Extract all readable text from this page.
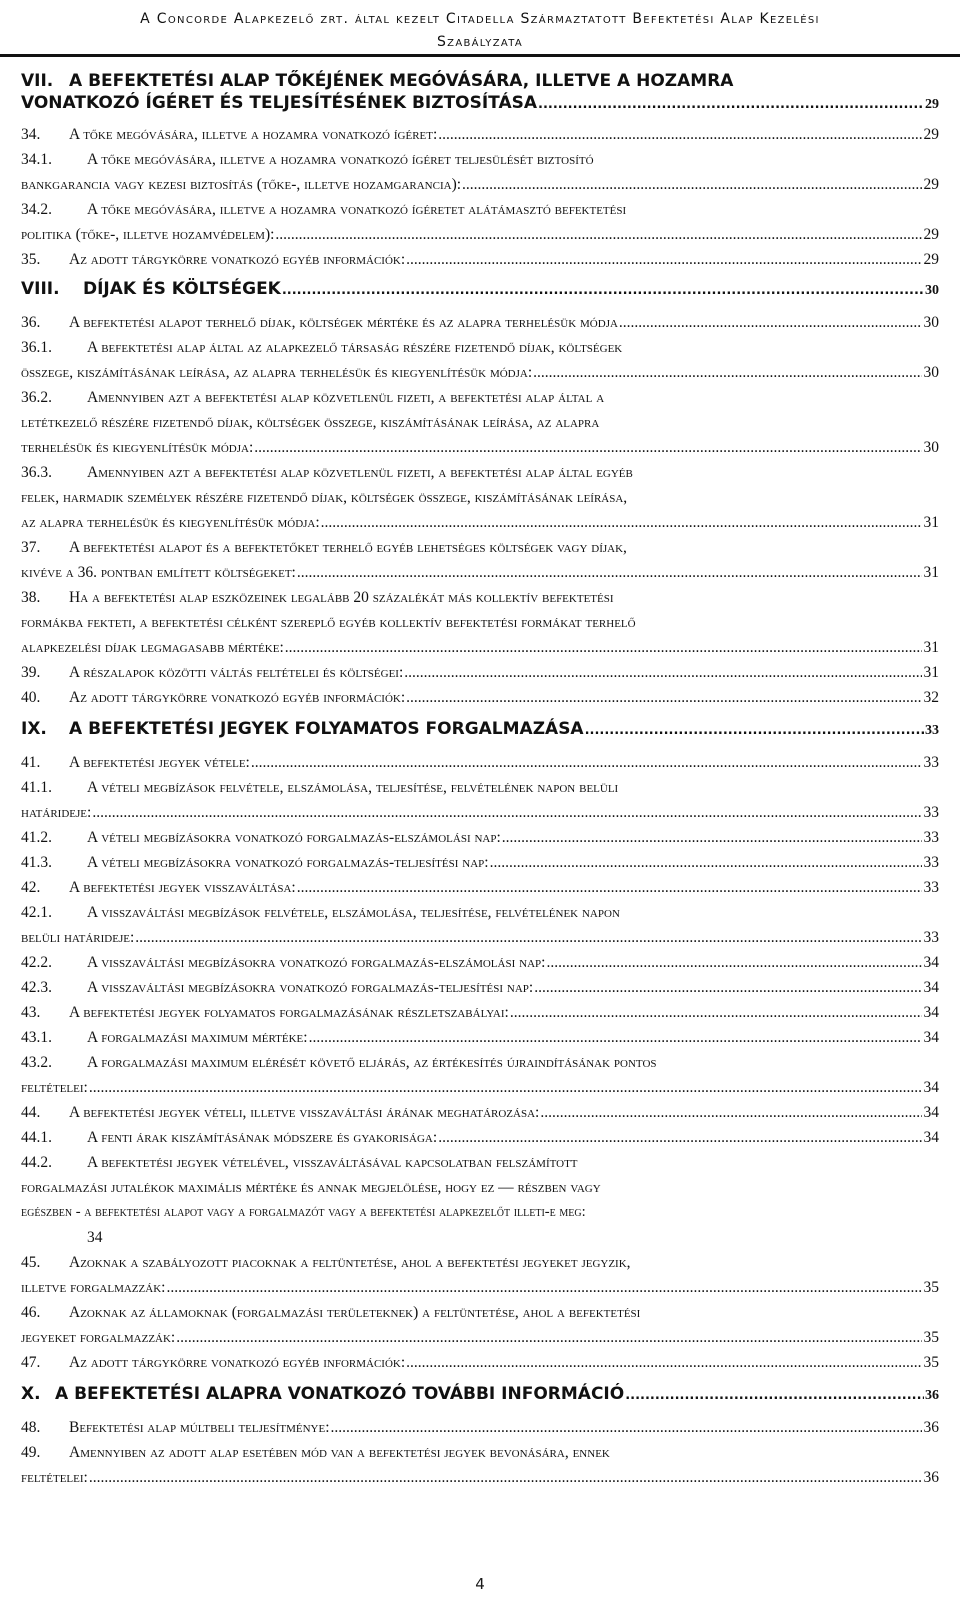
A Concorde Alapkezelő zrt. által kezelt Citadella Származtatott Befektetési Alap Kezelési
Szabályzata
VII. A BEFEKTETÉSI ALAP TŐKÉJÉNEK MEGÓVÁSÁRA, ILLETVE A HOZAMRA
VONATKOZÓ ÍGÉRET ÉS TELJESÍTÉSÉNEK BIZTOSÍTÁSA .....	29
34.	A tőke megóvására, illetve a hozamra vonatkozó ígéret: .....	29
34.1.	A tőke megóvására, illetve a hozamra vonatkozó ígéret teljesülését biztosító
bankgarancia vagy kezesi biztosítás (tőke-, illetve hozamgarancia): .....	29
34.2.	A tőke megóvására, illetve a hozamra vonatkozó ígéretet alátámasztó befektetési
politika (tőke-, illetve hozamvédelem): .....	29
35.	Az adott tárgykörre vonatkozó egyéb információk: .....	29
VIII.	DÍJAK ÉS KÖLTSÉGEK .....	30
36.	A befektetési alapot terhelő díjak, költségek mértéke és az alapra terhelésük módja .....	30
36.1.	A befektetési alap által az alapkezelő társaság részére fizetendő díjak, költségek
összege, kiszámításának leírása, az alapra terhelésük és kiegyenlítésük módja: .....	30
36.2.	Amennyiben azt a befektetési alap közvetlenül fizeti, a befektetési alap által a
letétkezelő részére fizetendő díjak, költségek összege, kiszámításának leírása, az alapra
terhelésük és kiegyenlítésük módja: .....	30
36.3.	Amennyiben azt a befektetési alap közvetlenül fizeti, a befektetési alap által egyéb
felek, harmadik személyek részére fizetendő díjak, költségek összege, kiszámításának leírása,
az alapra terhelésük és kiegyenlítésük módja: .....	31
37.	A befektetési alapot és a befektetőket terhelő egyéb lehetséges költségek vagy díjak,
kivéve a 36. pontban említett költségeket: .....	31
38.	Ha a befektetési alap eszközeinek legalább 20 százalékát más kollektív befektetési
formákba fekteti, a befektetési célként szereplő egyéb kollektív befektetési formákat terhelő
alapkezelési díjak legmagasabb mértéke: .....	31
39.	A részalapok közötti váltás feltételei és költségei: .....	31
40.	Az adott tárgykörre vonatkozó egyéb információk: .....	32
IX.	A BEFEKTETÉSI JEGYEK FOLYAMATOS FORGALMAZÁSA .....	33
41.	A befektetési jegyek vétele: .....	33
41.1.	A vételi megbízások felvétele, elszámolása, teljesítése, felvételének napon belüli
határideje: .....	33
41.2.	A vételi megbízásokra vonatkozó forgalmazás-elszámolási nap: .....	33
41.3.	A vételi megbízásokra vonatkozó forgalmazás-teljesítési nap: .....	33
42.	A befektetési jegyek visszaváltása: .....	33
42.1.	A visszaváltási megbízások felvétele, elszámolása, teljesítése, felvételének napon
belüli határideje: .....	33
42.2.	A visszaváltási megbízásokra vonatkozó forgalmazás-elszámolási nap: .....	34
42.3.	A visszaváltási megbízásokra vonatkozó forgalmazás-teljesítési nap: .....	34
43.	A befektetési jegyek folyamatos forgalmazásának részletszabályai: .....	34
43.1.	A forgalmazási maximum mértéke: .....	34
43.2.	A forgalmazási maximum elérését követő eljárás, az értékesítés újraindításának pontos
feltételei: .....	34
44.	A befektetési jegyek vételi, illetve visszaváltási árának meghatározása: .....	34
44.1.	A fenti árak kiszámításának módszere és gyakorisága: .....	34
44.2.	A befektetési jegyek vételével, visszaváltásával kapcsolatban felszámított
forgalmazási jutalékok maximális mértéke és annak megjelölése, hogy ez — részben vagy
egészben - a befektetési alapot vagy a forgalmazót vagy a befektetési alapkezelőt illeti-e meg:
34
45.	Azoknak a szabályozott piacoknak a feltüntetése, ahol a befektetési jegyeket jegyzik,
illetve forgalmazzák: .....	35
46.	Azoknak az államoknak (forgalmazási területeknek) a feltüntetése, ahol a befektetési
jegyeket forgalmazzák: .....	35
47.	Az adott tárgykörre vonatkozó egyéb információk: .....	35
X. A BEFEKTETÉSI ALAPRA VONATKOZÓ TOVÁBBI INFORMÁCIÓ .....	36
48.	Befektetési alap múltbeli teljesítménye: .....	36
49.	Amennyiben az adott alap esetében mód van a befektetési jegyek bevonására, ennek
feltételei: .....	36
4
